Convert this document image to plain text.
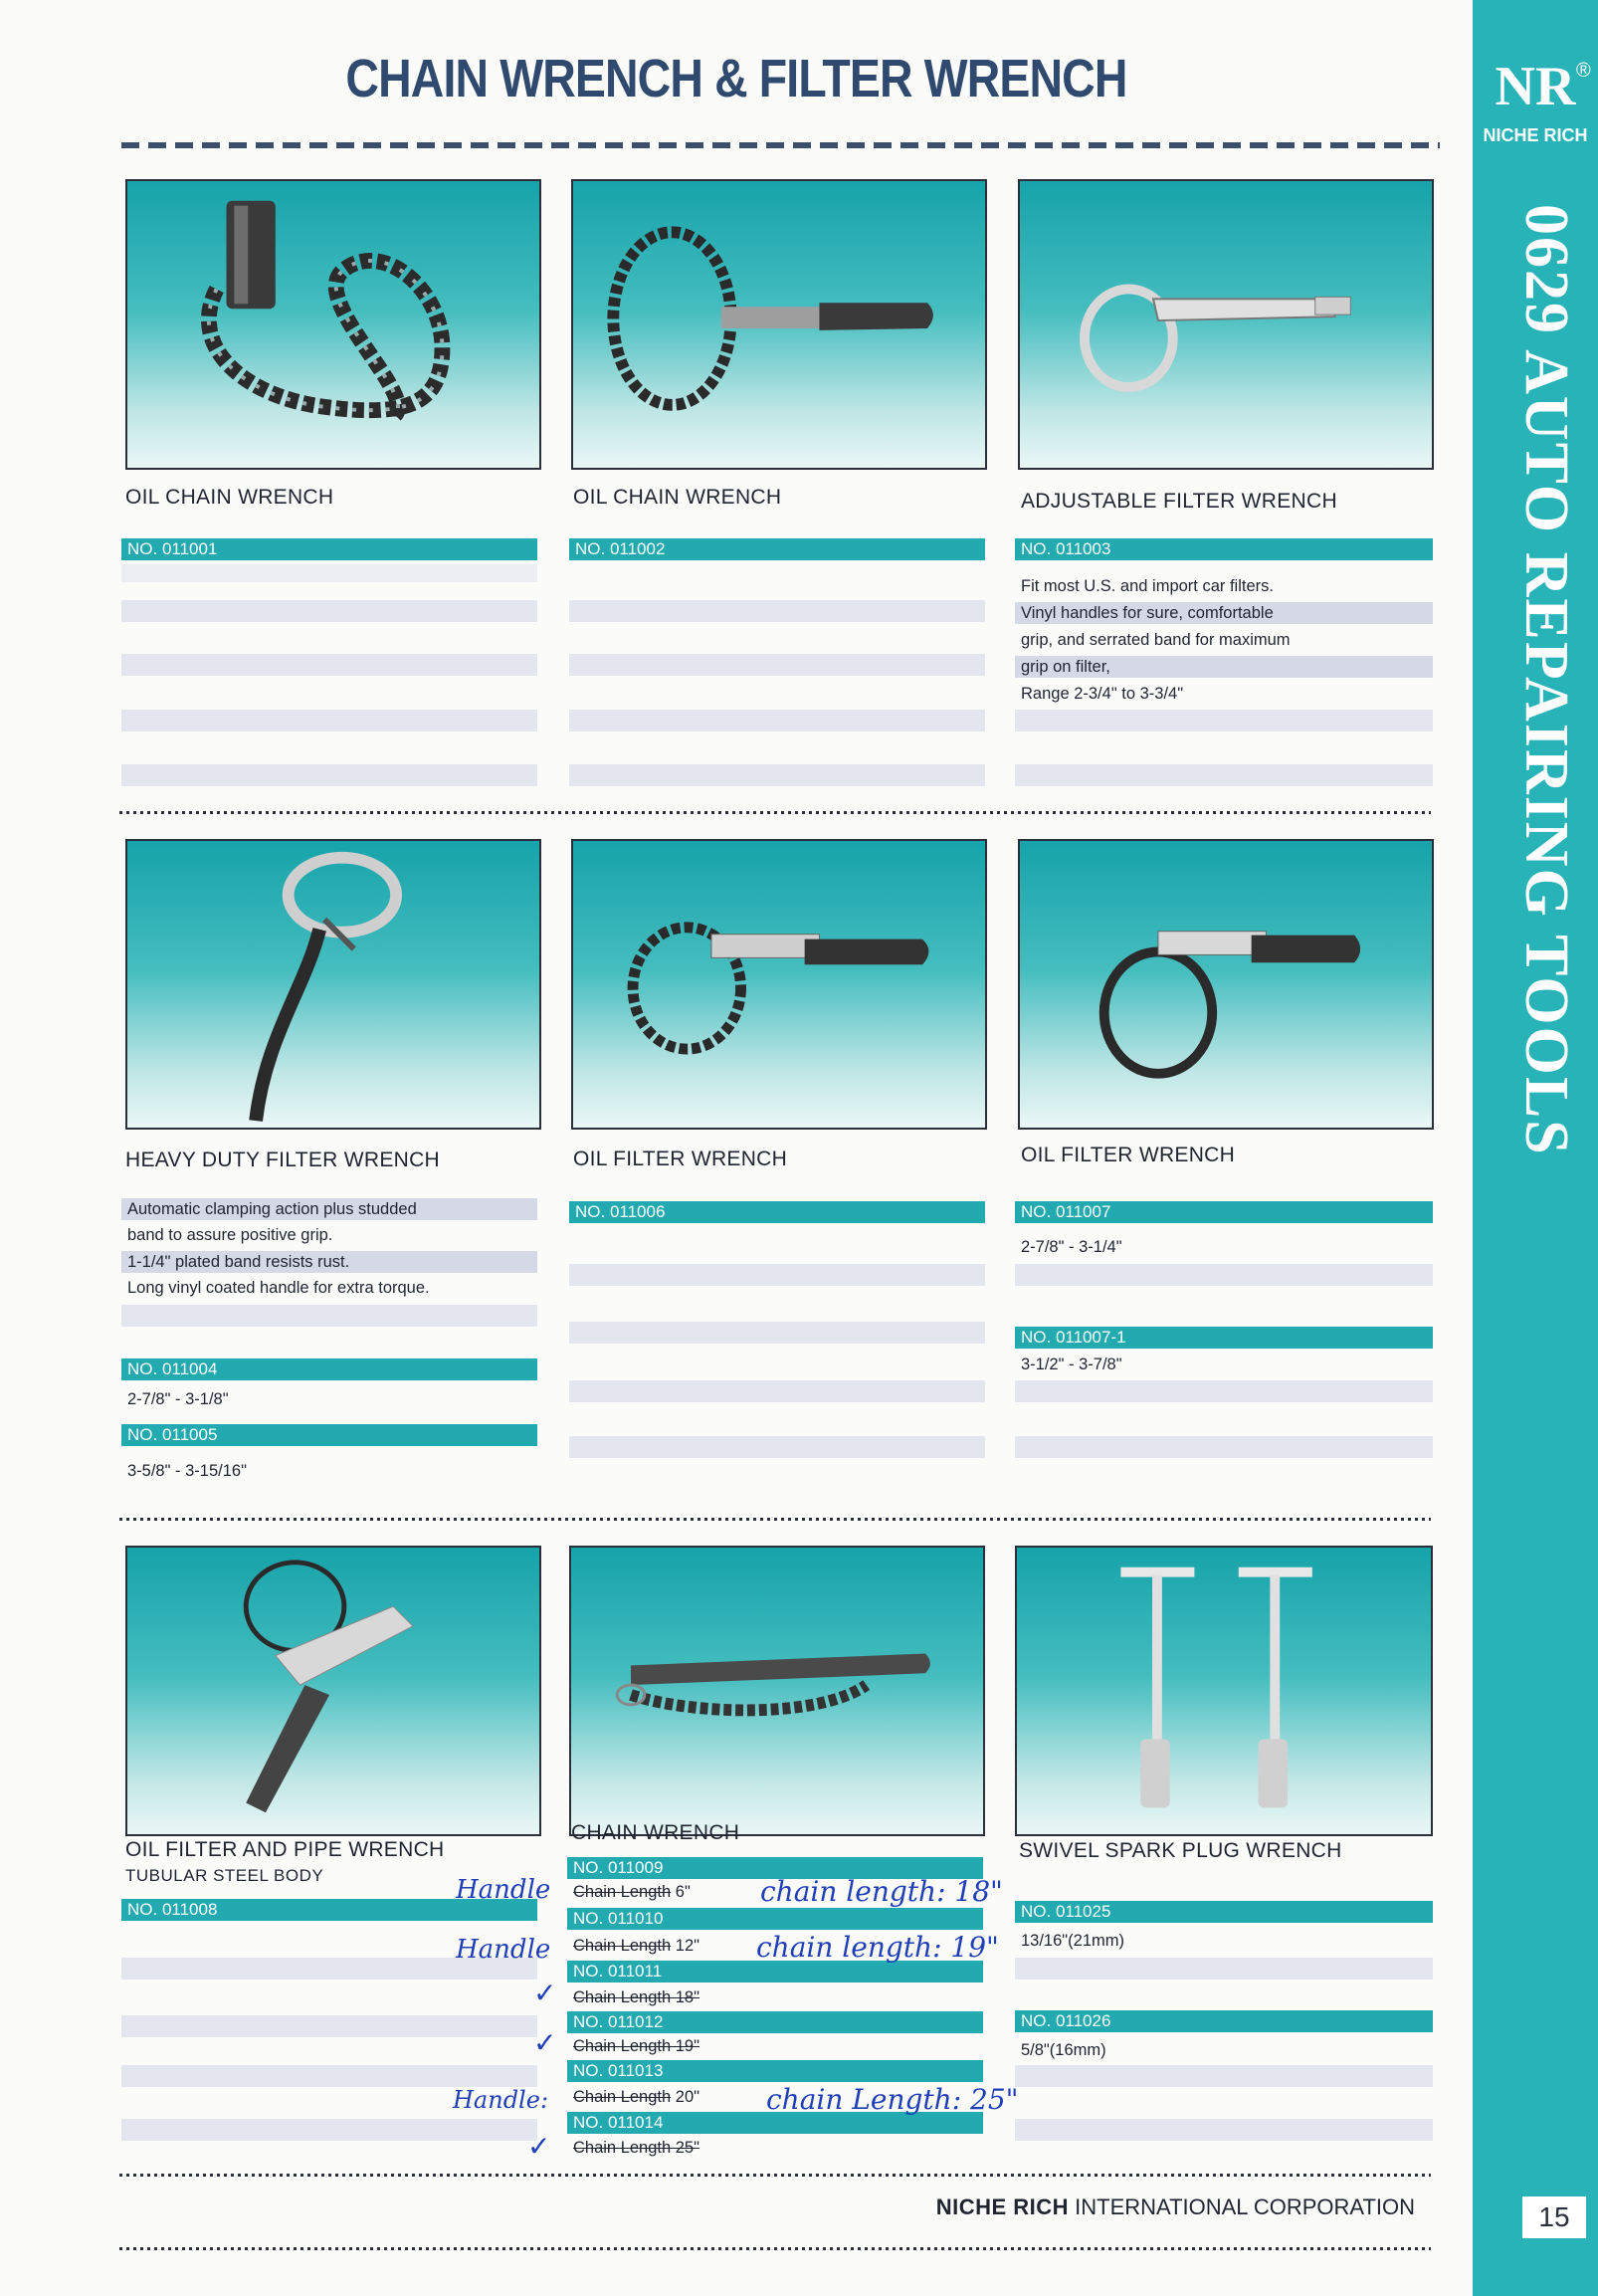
CHAIN WRENCH & FILTER WRENCH	NR ®
NICHE RICH
0629 AUTO REPAIRING TOOLS
15
OIL CHAIN WRENCH
NO. 011001
OIL CHAIN WRENCH
NO. 011002
ADJUSTABLE FILTER WRENCH
NO. 011003
Fit most U.S. and import car filters.
Vinyl handles for sure, comfortable
grip, and serrated band for maximum
grip on filter,
Range 2-3/4" to 3-3/4"
HEAVY DUTY FILTER WRENCH
Automatic clamping action plus studded
band to assure positive grip.
1-1/4" plated band resists rust.
Long vinyl coated handle for extra torque.
NO. 011004
2-7/8" - 3-1/8"
NO. 011005
3-5/8" - 3-15/16"
OIL FILTER WRENCH
NO. 011006
OIL FILTER WRENCH
NO. 011007
2-7/8" - 3-1/4"
NO. 011007-1
3-1/2" - 3-7/8"
OIL FILTER AND PIPE WRENCH
TUBULAR STEEL BODY
NO. 011008
CHAIN WRENCH
NO. 011009
Chain Length 6"
NO. 011010
Chain Length 12"
NO. 011011
Chain Length 18"
NO. 011012
Chain Length 19"
NO. 011013
Chain Length 20"
NO. 011014
Chain Length 25"
SWIVEL SPARK PLUG WRENCH
NO. 011025
13/16"(21mm)
NO. 011026
5/8"(16mm)
Handle
Handle
Handle:
chain length: 18"
chain length: 19"
chain Length: 25"
✓
✓
✓
NICHE RICH INTERNATIONAL CORPORATION
